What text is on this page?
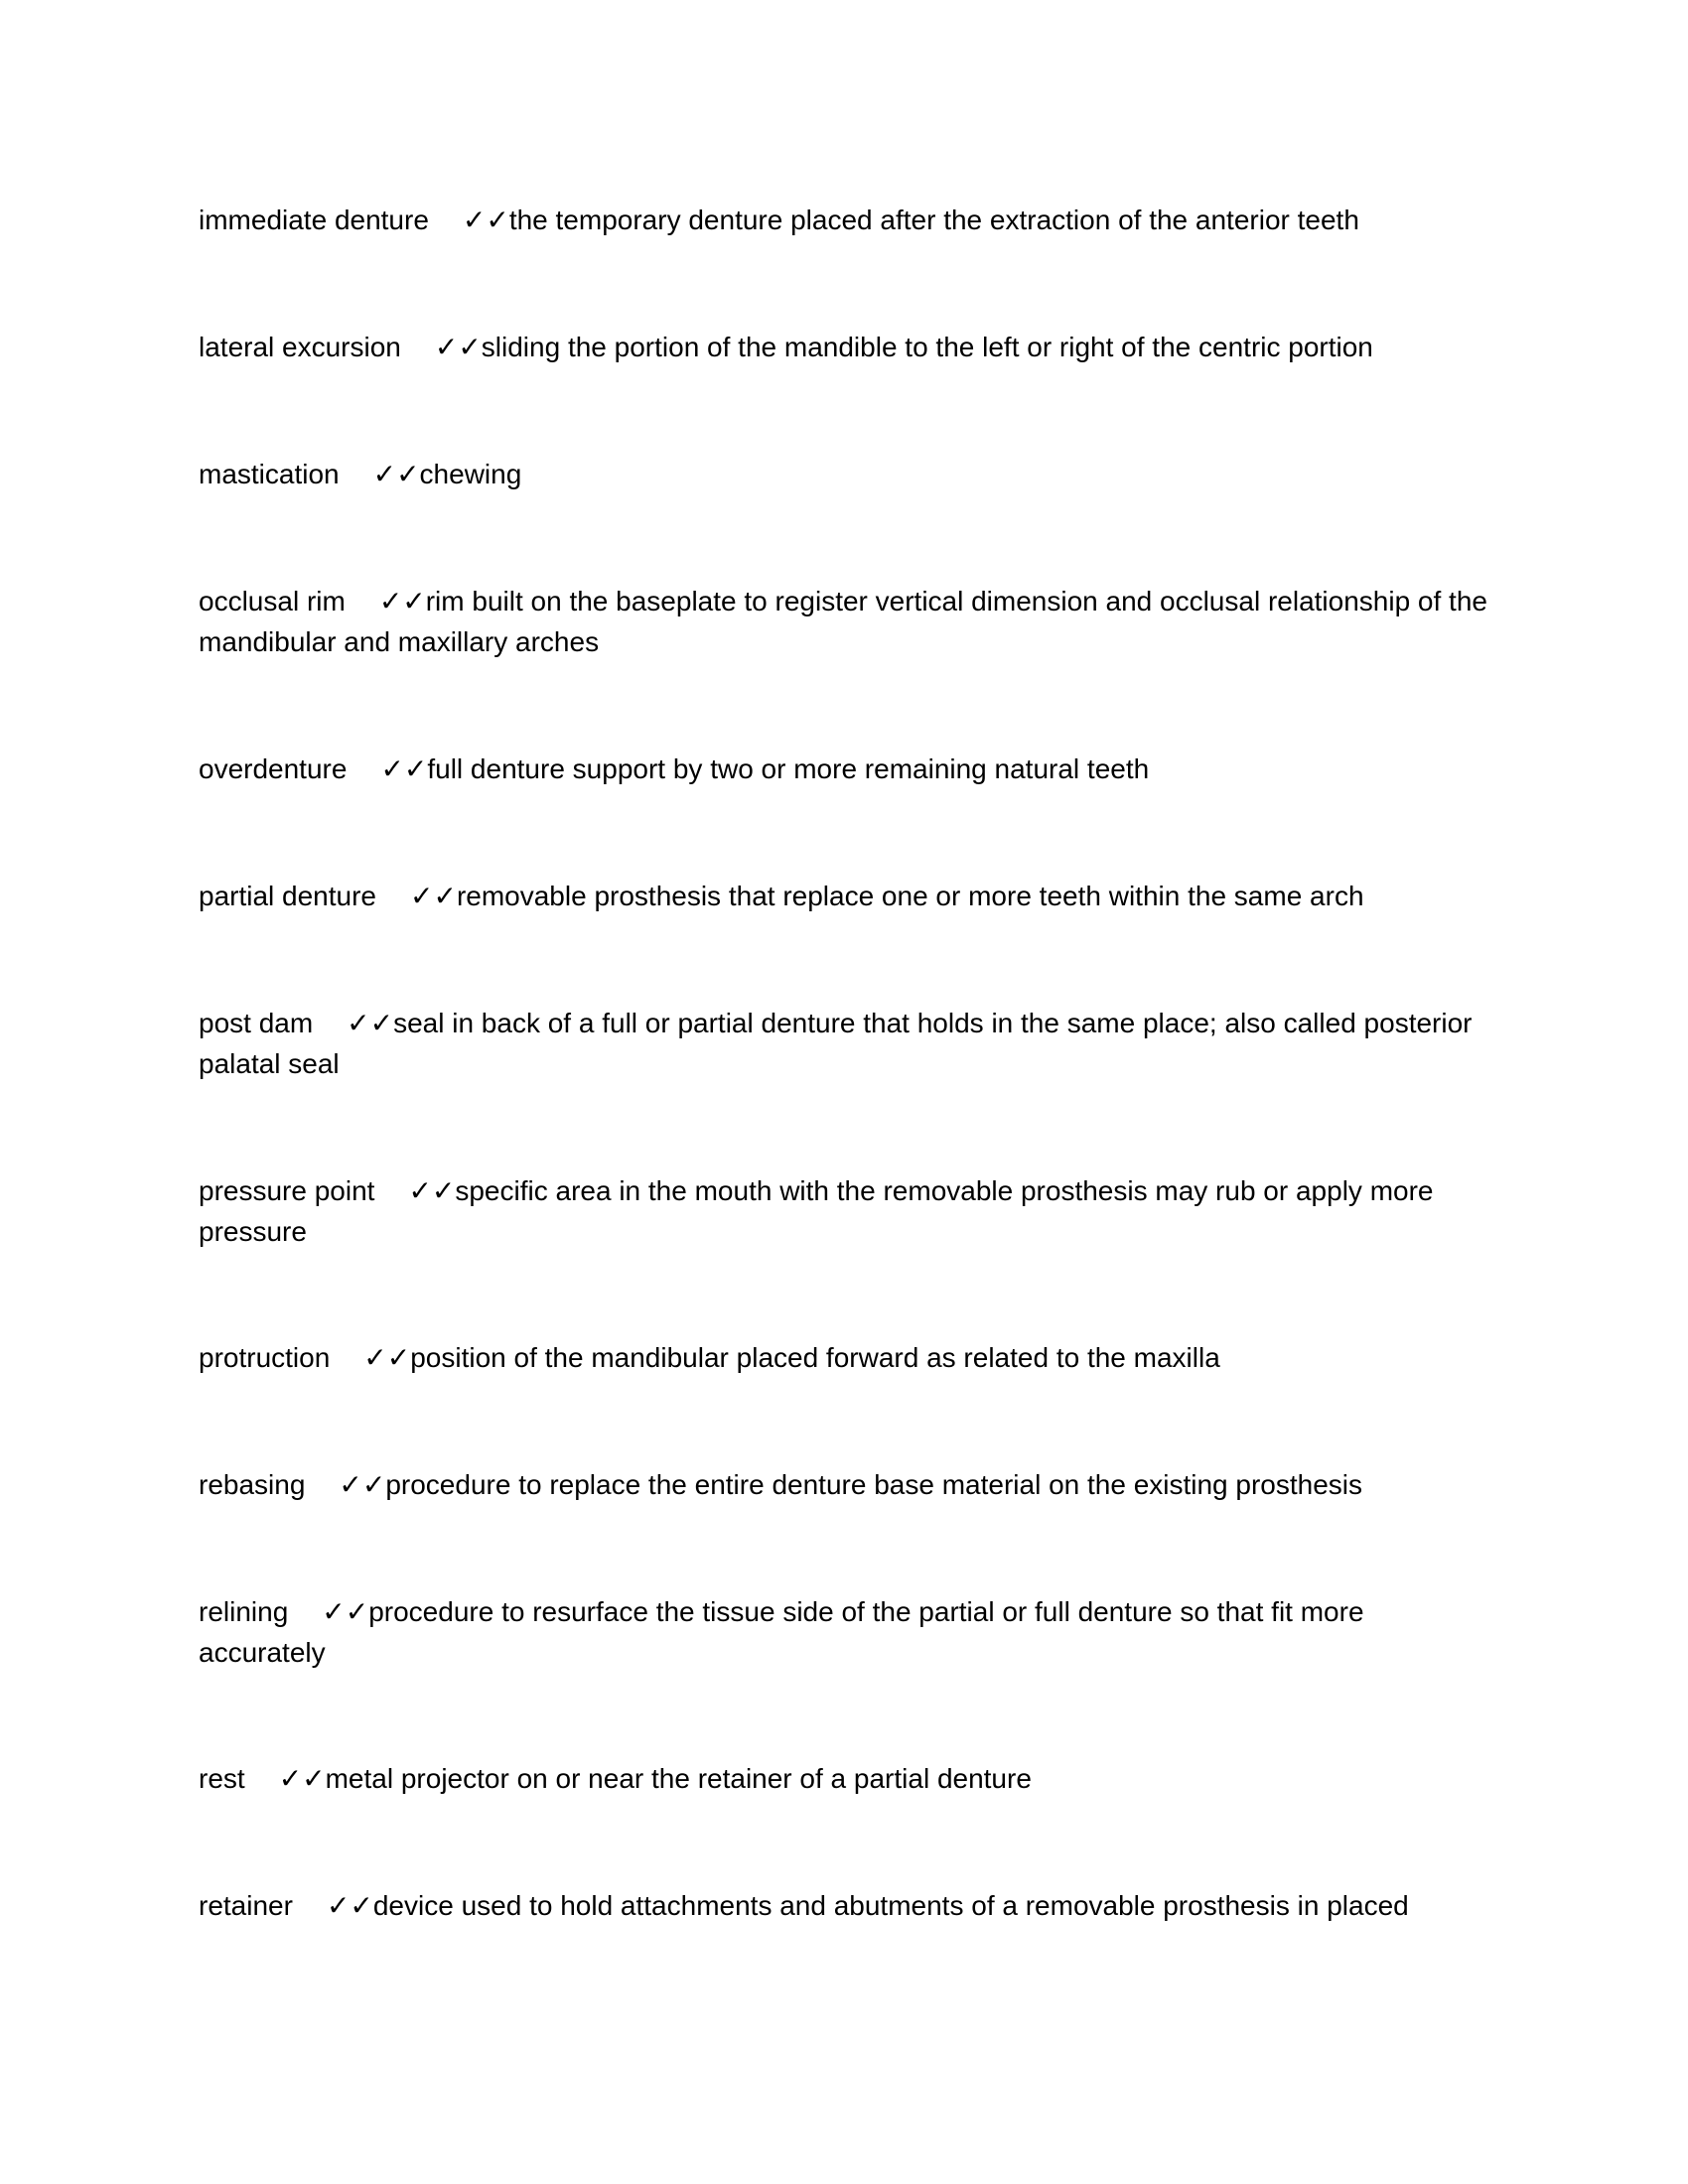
immediate denture ✓✓the temporary denture placed after the extraction of the anterior teeth
lateral excursion ✓✓sliding the portion of the mandible to the left or right of the centric portion
mastication ✓✓chewing
occlusal rim ✓✓rim built on the baseplate to register vertical dimension and occlusal relationship of the mandibular and maxillary arches
overdenture ✓✓full denture support by two or more remaining natural teeth
partial denture ✓✓removable prosthesis that replace one or more teeth within the same arch
post dam ✓✓seal in back of a full or partial denture that holds in the same place; also called posterior palatal seal
pressure point ✓✓specific area in the mouth with the removable prosthesis may rub or apply more pressure
protruction ✓✓position of the mandibular placed forward as related to the maxilla
rebasing ✓✓procedure to replace the entire denture base material on the existing prosthesis
relining ✓✓procedure to resurface the tissue side of the partial or full denture so that fit more accurately
rest ✓✓metal projector on or near the retainer of a partial denture
retainer ✓✓device used to hold attachments and abutments of a removable prosthesis in placed
